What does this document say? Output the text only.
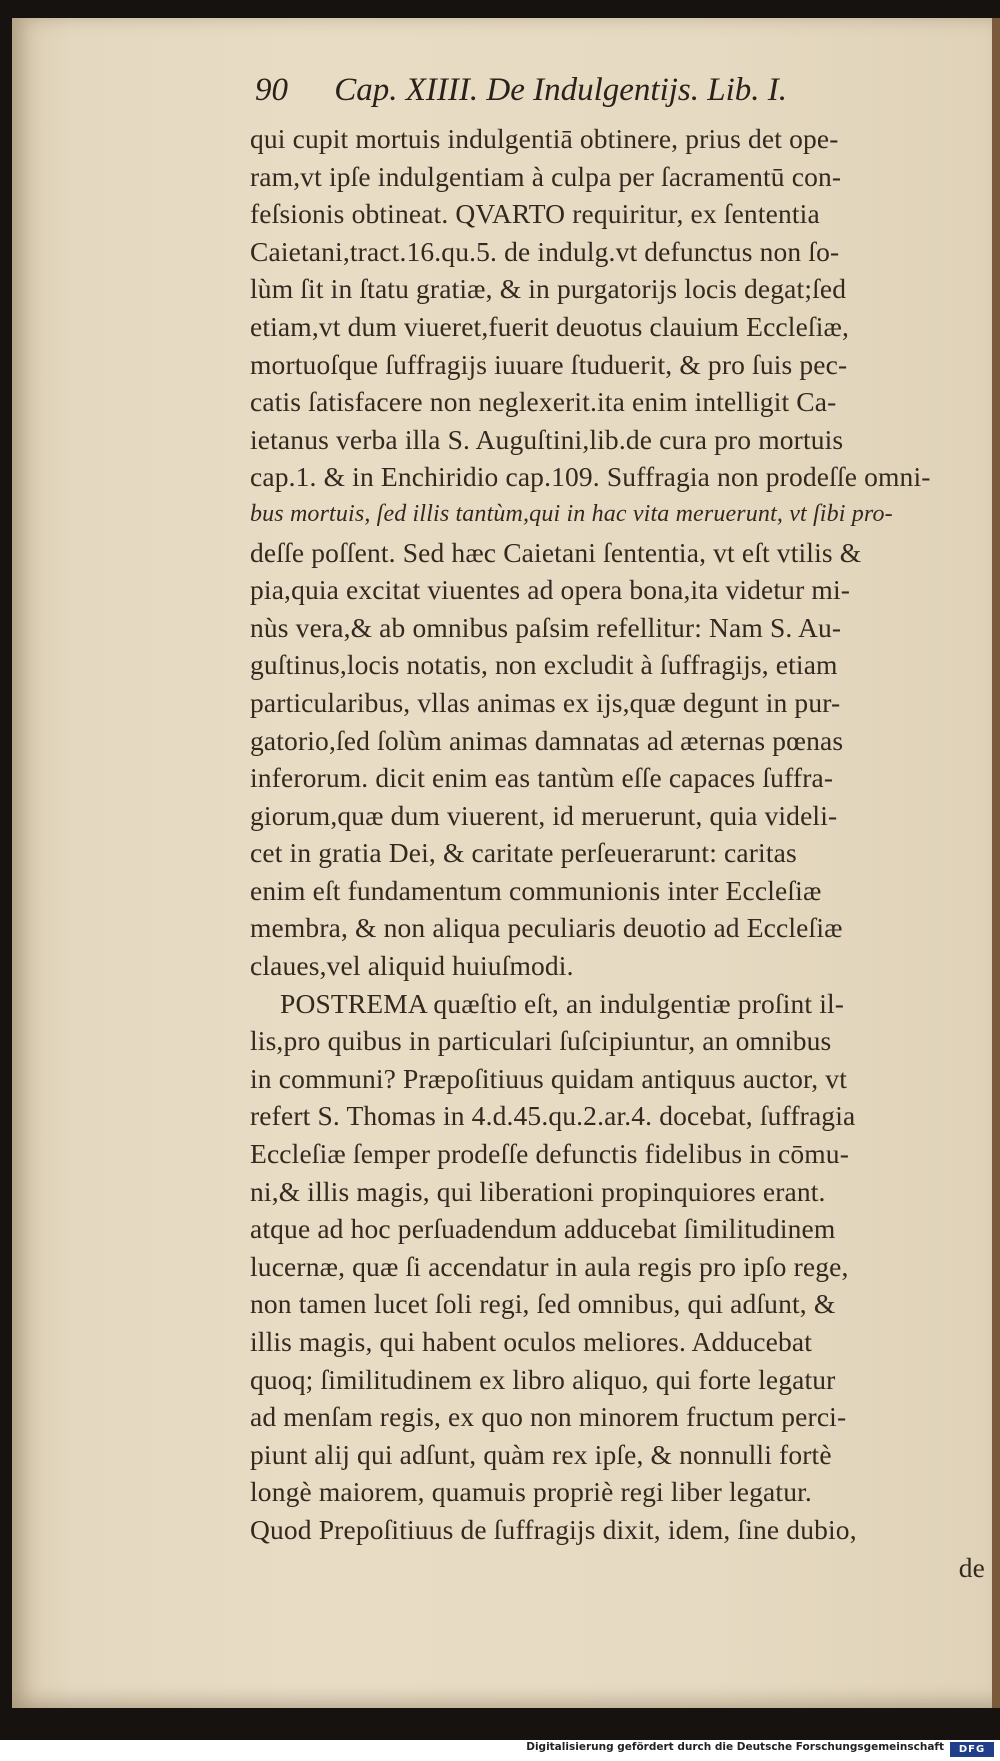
90 Cap. XIIII. De Indulgentijs. Lib. I.
qui cupit mortuis indulgentiā obtinere, prius det ope-
ram,vt ipſe indulgentiam à culpa per ſacramentū con-
feſsionis obtineat. QVARTO requiritur, ex ſententia
Caietani,tract.16.qu.5. de indulg.vt defunctus non ſo-
lùm ſit in ſtatu gratiæ, & in purgatorijs locis degat;ſed
etiam,vt dum viueret,fuerit deuotus clauium Eccleſiæ,
mortuoſque ſuffragijs iuuare ſtuduerit, & pro ſuis pec-
catis ſatisfacere non neglexerit.ita enim intelligit Ca-
ietanus verba illa S. Auguſtini,lib.de cura pro mortuis
cap.1. & in Enchiridio cap.109. Suffragia non prodeſſe omni-
bus mortuis, ſed illis tantùm,qui in hac vita meruerunt, vt ſibi pro-
deſſe poſſent. Sed hæc Caietani ſententia, vt eſt vtilis &
pia,quia excitat viuentes ad opera bona,ita videtur mi-
nùs vera,& ab omnibus paſsim refellitur: Nam S. Au-
guſtinus,locis notatis, non excludit à ſuffragijs, etiam
particularibus, vllas animas ex ijs,quæ degunt in pur-
gatorio,ſed ſolùm animas damnatas ad æternas pœnas
inferorum. dicit enim eas tantùm eſſe capaces ſuffra-
giorum,quæ dum viuerent, id meruerunt, quia videli-
cet in gratia Dei, & caritate perſeuerarunt: caritas
enim eſt fundamentum communionis inter Eccleſiæ
membra, & non aliqua peculiaris deuotio ad Eccleſiæ
claues,vel aliquid huiuſmodi.
POSTREMA quæſtio eſt, an indulgentiæ proſint il-
lis,pro quibus in particulari ſuſcipiuntur, an omnibus
in communi? Præpoſitiuus quidam antiquus auctor, vt
refert S. Thomas in 4.d.45.qu.2.ar.4. docebat, ſuffragia
Eccleſiæ ſemper prodeſſe defunctis fidelibus in cōmu-
ni,& illis magis, qui liberationi propinquiores erant.
atque ad hoc perſuadendum adducebat ſimilitudinem
lucernæ, quæ ſi accendatur in aula regis pro ipſo rege,
non tamen lucet ſoli regi, ſed omnibus, qui adſunt, &
illis magis, qui habent oculos meliores. Adducebat
quoq; ſimilitudinem ex libro aliquo, qui forte legatur
ad menſam regis, ex quo non minorem fructum perci-
piunt alij qui adſunt, quàm rex ipſe, & nonnulli fortè
longè maiorem, quamuis propriè regi liber legatur.
Quod Prepoſitiuus de ſuffragijs dixit, idem, ſine dubio,
de
Digitalisierung gefördert durch die Deutsche Forschungsgemeinschaft	DFG
